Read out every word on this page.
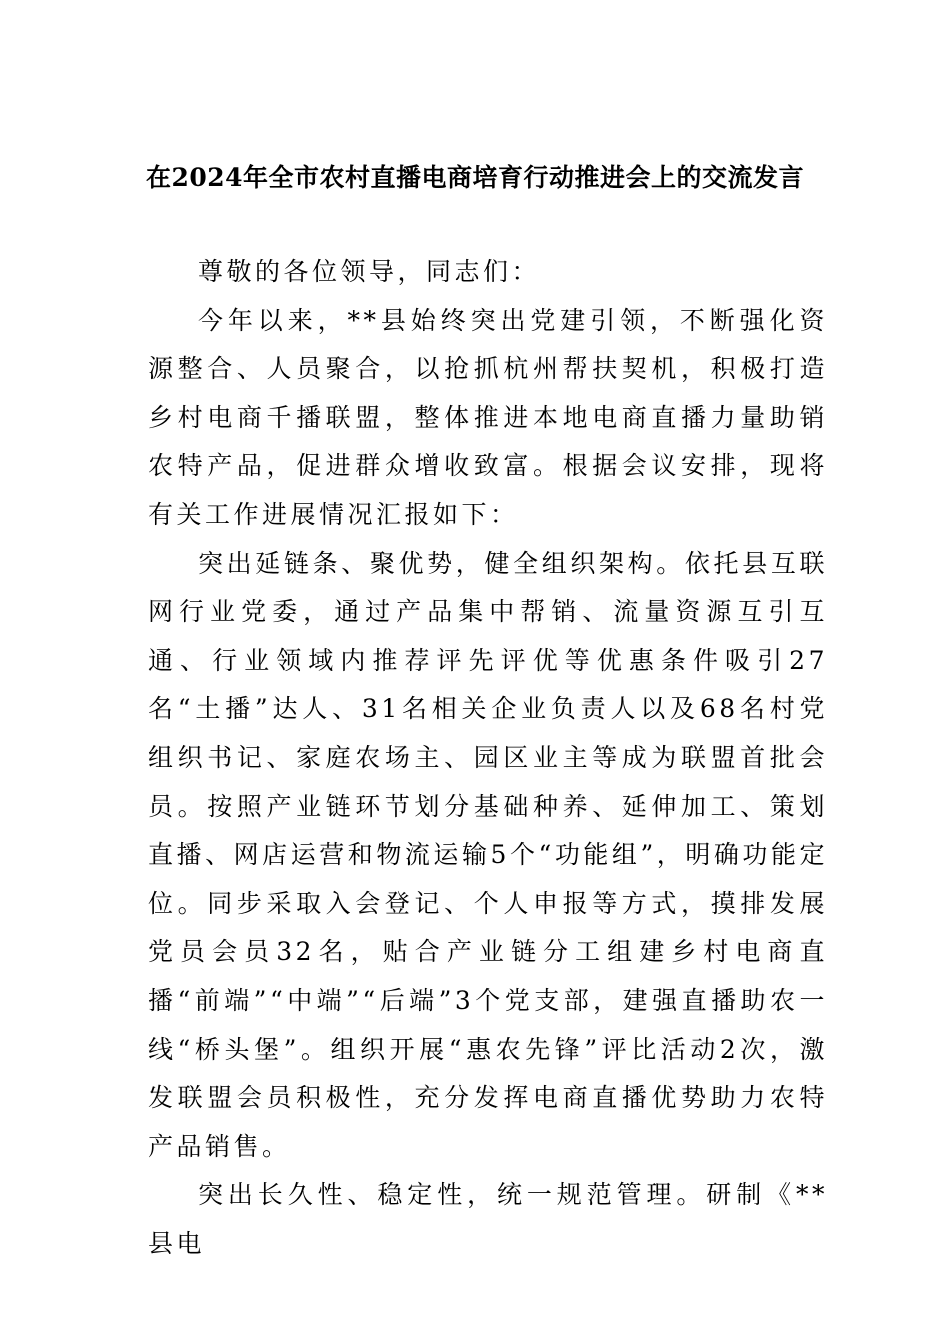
在2024年全市农村直播电商培育行动推进会上的交流发言

尊敬的各位领导，同志们：

今年以来，**县始终突出党建引领，不断强化资源整合、人员聚合，以抢抓杭州帮扶契机，积极打造乡村电商千播联盟，整体推进本地电商直播力量助销农特产品，促进群众增收致富。根据会议安排，现将有关工作进展情况汇报如下：

突出延链条、聚优势，健全组织架构。依托县互联网行业党委，通过产品集中帮销、流量资源互引互通、行业领域内推荐评先评优等优惠条件吸引27名“土播”达人、31名相关企业负责人以及68名村党组织书记、家庭农场主、园区业主等成为联盟首批会员。按照产业链环节划分基础种养、延伸加工、策划直播、网店运营和物流运输5个“功能组”，明确功能定位。同步采取入会登记、个人申报等方式，摸排发展党员会员32名，贴合产业链分工组建乡村电商直播“前端”“中端”“后端”3个党支部，建强直播助农一线“桥头堡”。组织开展“惠农先锋”评比活动2次，激发联盟会员积极性，充分发挥电商直播优势助力农特产品销售。

突出长久性、稳定性，统一规范管理。研制《**县电
